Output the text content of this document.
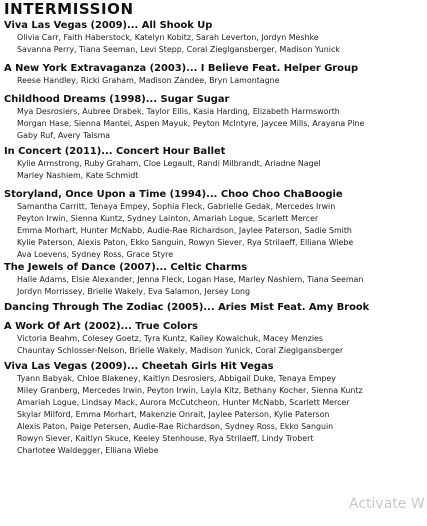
INTERMISSION
Viva Las Vegas (2009)... All Shook Up
Olivia Carr, Faith Haberstock, Katelyn Kobitz, Sarah Leverton, Jordyn Meshke
Savanna Perry, Tiana Seeman, Levi Stepp, Coral Zieglgansberger, Madison Yunick
A New York Extravaganza (2003)... I Believe Feat. Helper Group
Reese Handley, Ricki Graham, Madison Zandee, Bryn Lamontagne
Childhood Dreams (1998)... Sugar Sugar
Mya Desrosiers, Aubree Drabek, Taylor Ellis, Kasia Harding, Elizabeth Harmsworth
Morgan Hase, Sienna Mantei, Aspen Mayuk, Peyton McIntyre, Jaycee Mills, Arayana Pine
Gaby Ruf, Avery Talsma
In Concert (2011)... Concert Hour Ballet
Kylie Armstrong, Ruby Graham, Cloe Legault, Randi Milbrandt, Ariadne Nagel
Marley Nashiem, Kate Schmidt
Storyland, Once Upon a Time (1994)... Choo Choo ChaBoogie
Samantha Carritt, Tenaya Empey, Sophia Fleck, Gabrielle Gedak, Mercedes Irwin
Peyton Irwin, Sienna Kuntz, Sydney Lainton, Amariah Logue, Scarlett Mercer
Emma Morhart, Hunter McNabb, Audie-Rae Richardson, Jaylee Paterson, Sadie Smith
Kylie Paterson, Alexis Paton, Ekko Sanguin, Rowyn Siever, Rya Strilaeff, Elliana Wiebe
Ava Loevens, Sydney Ross, Grace Styre
The Jewels of Dance (2007)... Celtic Charms
Halle Adams, Elsie Alexander, Jenna Fleck, Logan Hase, Marley Nashiem, Tiana Seeman
Jordyn Morrissey, Brielle Wakely, Eva Salamon, Jersey Long
Dancing Through The Zodiac (2005)... Aries Mist Feat. Amy Brook
A Work Of Art (2002)... True Colors
Victoria Beahm, Colesey Goetz, Tyra Kuntz, Kailey Kowalchuk, Macey Menzies
Chauntay Schlosser-Nelson, Brielle Wakely, Madison Yunick, Coral Zieglgansberger
Viva Las Vegas (2009)... Cheetah Girls Hit Vegas
Tyann Babyak, Chloe Blakeney, Kaitlyn Desrosiers, Abbigail Duke, Tenaya Empey
Miley Granberg, Mercedes Irwin, Peyton Irwin, Layla Kitz, Bethany Kocher, Sienna Kuntz
Amariah Logue, Lindsay Mack, Aurora McCutcheon, Hunter McNabb, Scarlett Mercer
Skylar Milford, Emma Morhart, Makenzie Onrait, Jaylee Paterson, Kylie Paterson
Alexis Paton, Paige Petersen, Audie-Rae Richardson, Sydney Ross, Ekko Sanguin
Rowyn Siever, Kaitlyn Skuce, Keeley Stenhouse, Rya Strilaeff, Lindy Trobert
Charlotee Waldegger, Elliana Wiebe
Activate W
